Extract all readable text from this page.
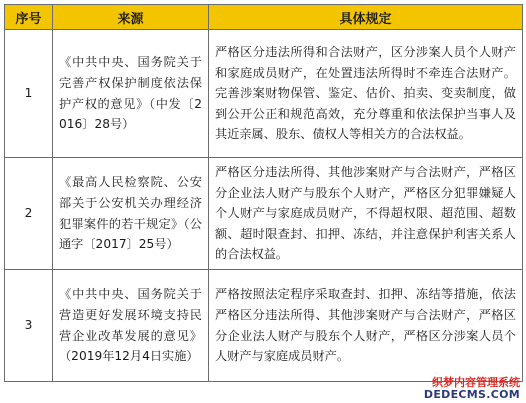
序号	来源	具体规定
1	《中共中央、国务院关于完善产权保护制度依法保护产权的意见》（中发〔2016〕28号）	严格区分违法所得和合法财产，区分涉案人员个人财产和家庭成员财产，在处置违法所得时不牵连合法财产。完善涉案财物保管、鉴定、估价、拍卖、变卖制度，做到公开公正和规范高效，充分尊重和依法保护当事人及其近亲属、股东、债权人等相关方的合法权益。
2	《最高人民检察院、公安部关于公安机关办理经济犯罪案件的若干规定》（公通字〔2017〕25号）	严格区分违法所得、其他涉案财产与合法财产，严格区分企业法人财产与股东个人财产，严格区分犯罪嫌疑人个人财产与家庭成员财产，不得超权限、超范围、超数额、超时限查封、扣押、冻结，并注意保护利害关系人的合法权益。
3	《中共中央、国务院关于营造更好发展环境支持民营企业改革发展的意见》（2019年12月4日实施）	严格按照法定程序采取查封、扣押、冻结等措施，依法严格区分违法所得、其他涉案财产与合法财产，严格区分企业法人财产与股东个人财产，严格区分涉案人员个人财产与家庭成员财产。
织梦内容管理系统
DEDECMS.COM
